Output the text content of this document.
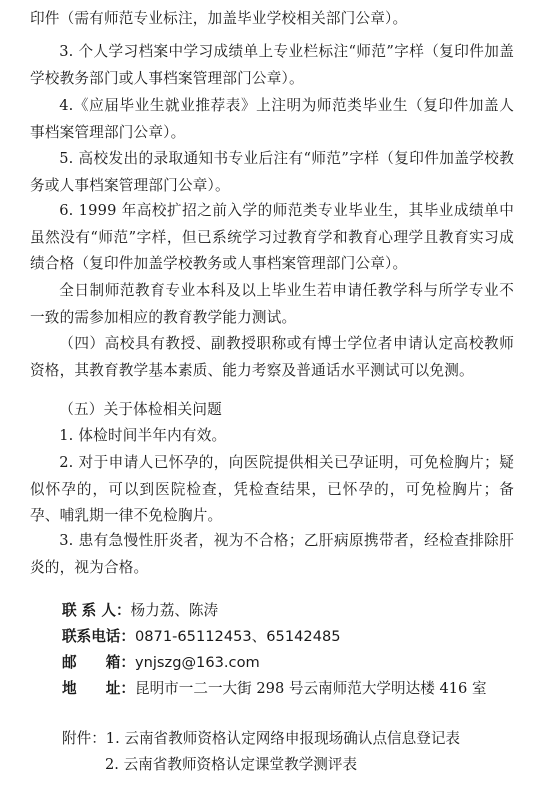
印件（需有师范专业标注，加盖毕业学校相关部门公章）。

3. 个人学习档案中学习成绩单上专业栏标注“师范”字样（复印件加盖学校教务部门或人事档案管理部门公章）。

4.《应届毕业生就业推荐表》上注明为师范类毕业生（复印件加盖人事档案管理部门公章）。

5. 高校发出的录取通知书专业后注有“师范”字样（复印件加盖学校教务或人事档案管理部门公章）。

6. 1999 年高校扩招之前入学的师范类专业毕业生，其毕业成绩单中虽然没有“师范”字样，但已系统学习过教育学和教育心理学且教育实习成绩合格（复印件加盖学校教务或人事档案管理部门公章）。

全日制师范教育专业本科及以上毕业生若申请任教学科与所学专业不一致的需参加相应的教育教学能力测试。

（四）高校具有教授、副教授职称或有博士学位者申请认定高校教师资格，其教育教学基本素质、能力考察及普通话水平测试可以免测。

（五）关于体检相关问题

1. 体检时间半年内有效。

2. 对于申请人已怀孕的，向医院提供相关已孕证明，可免检胸片；疑似怀孕的，可以到医院检查，凭检查结果，已怀孕的，可免检胸片；备孕、哺乳期一律不免检胸片。

3. 患有急慢性肝炎者，视为不合格；乙肝病原携带者，经检查排除肝炎的，视为合格。

联 系 人：杨力荔、陈涛
联系电话：0871-65112453、65142485
邮　　箱：ynjszg@163.com
地　　址：昆明市一二一大街 298 号云南师范大学明达楼 416 室
附件：1. 云南省教师资格认定网络申报现场确认点信息登记表
2. 云南省教师资格认定课堂教学测评表
